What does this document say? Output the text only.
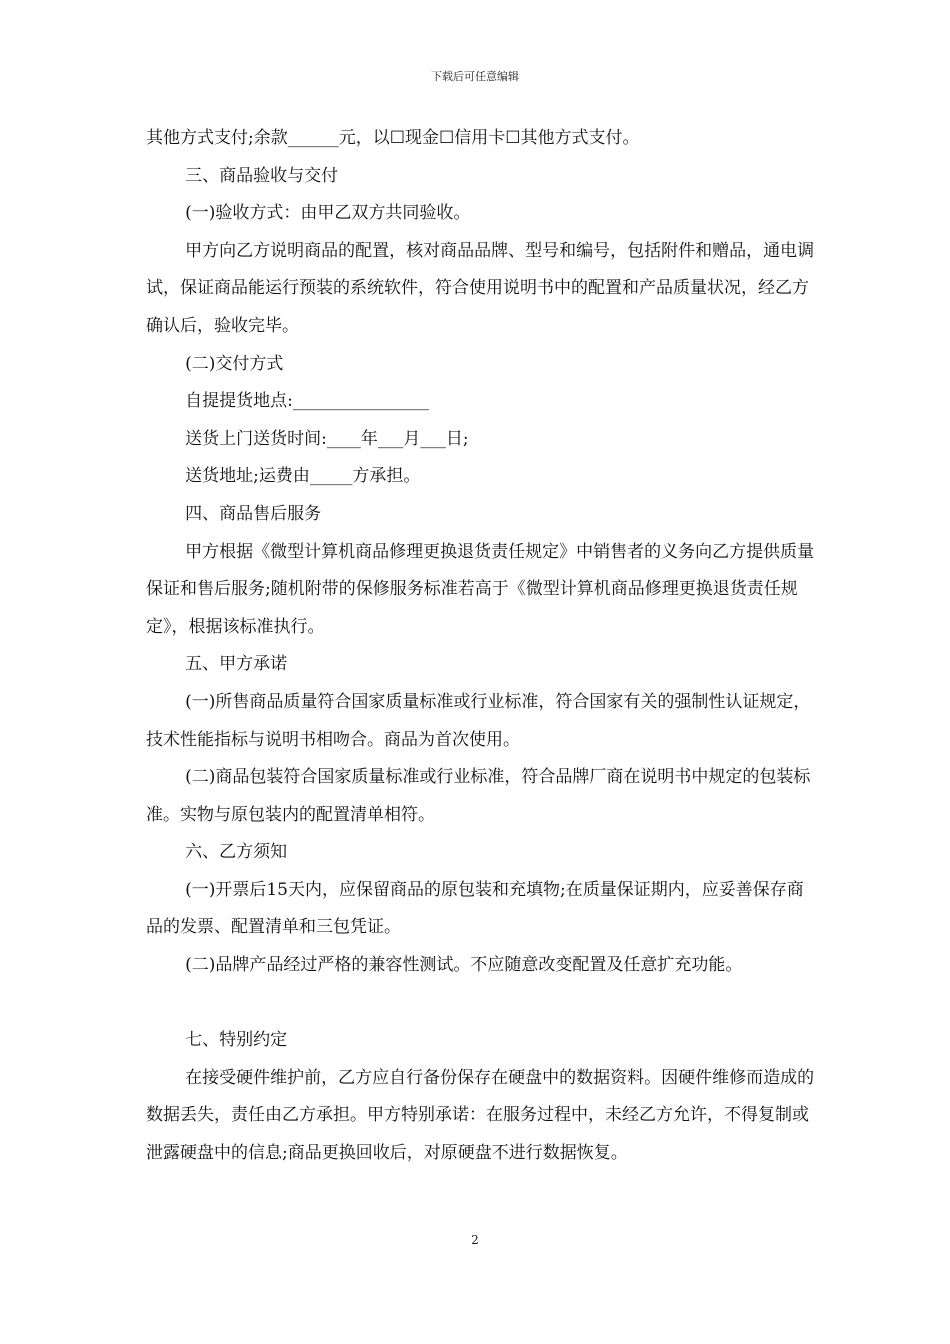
下载后可任意编辑

其他方式支付;余款______元，以☐现金☐信用卡☐其他方式支付。

三、商品验收与交付

(一)验收方式：由甲乙双方共同验收。

甲方向乙方说明商品的配置，核对商品品牌、型号和编号，包括附件和赠品，通电调试，保证商品能运行预装的系统软件，符合使用说明书中的配置和产品质量状况，经乙方确认后，验收完毕。

(二)交付方式

自提提货地点:________________

送货上门送货时间:____年___月___日;

送货地址;运费由_____方承担。

四、商品售后服务

甲方根据《微型计算机商品修理更换退货责任规定》中销售者的义务向乙方提供质量保证和售后服务;随机附带的保修服务标准若高于《微型计算机商品修理更换退货责任规定》，根据该标准执行。

五、甲方承诺

(一)所售商品质量符合国家质量标准或行业标准，符合国家有关的强制性认证规定，技术性能指标与说明书相吻合。商品为首次使用。

(二)商品包装符合国家质量标准或行业标准，符合品牌厂商在说明书中规定的包装标准。实物与原包装内的配置清单相符。

六、乙方须知

(一)开票后15天内，应保留商品的原包装和充填物;在质量保证期内，应妥善保存商品的发票、配置清单和三包凭证。

(二)品牌产品经过严格的兼容性测试。不应随意改变配置及任意扩充功能。

七、特别约定

在接受硬件维护前，乙方应自行备份保存在硬盘中的数据资料。因硬件维修而造成的数据丢失，责任由乙方承担。甲方特别承诺：在服务过程中，未经乙方允许，不得复制或泄露硬盘中的信息;商品更换回收后，对原硬盘不进行数据恢复。

2
